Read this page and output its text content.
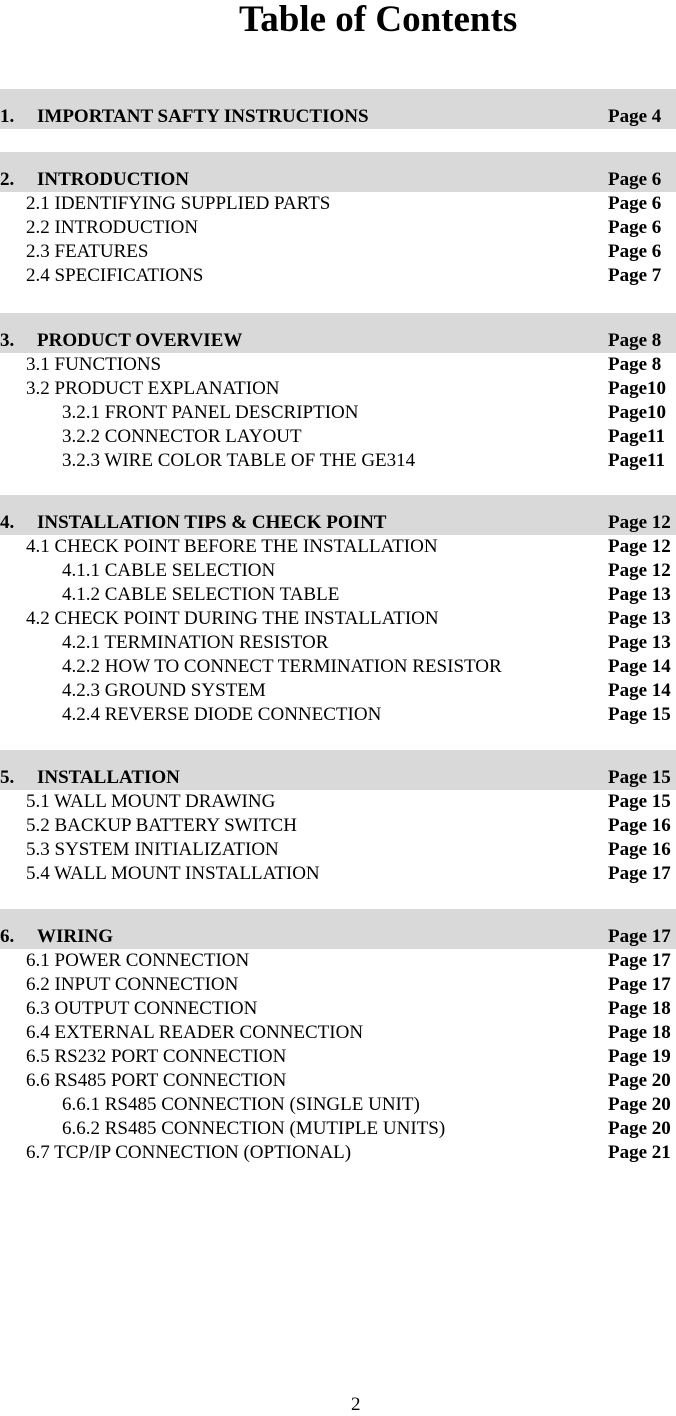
Table of Contents
1. IMPORTANT SAFTY INSTRUCTIONS	Page 4
2. INTRODUCTION	Page 6
2.1 IDENTIFYING SUPPLIED PARTS	Page 6
2.2 INTRODUCTION	Page 6
2.3 FEATURES	Page 6
2.4 SPECIFICATIONS	Page 7
3. PRODUCT OVERVIEW	Page 8
3.1 FUNCTIONS	Page 8
3.2 PRODUCT EXPLANATION	Page10
3.2.1 FRONT PANEL DESCRIPTION	Page10
3.2.2 CONNECTOR LAYOUT	Page11
3.2.3 WIRE COLOR TABLE OF THE GE314	Page11
4. INSTALLATION TIPS & CHECK POINT	Page 12
4.1 CHECK POINT BEFORE THE INSTALLATION	Page 12
4.1.1 CABLE SELECTION	Page 12
4.1.2 CABLE SELECTION TABLE	Page 13
4.2 CHECK POINT DURING THE INSTALLATION	Page 13
4.2.1 TERMINATION RESISTOR	Page 13
4.2.2 HOW TO CONNECT TERMINATION RESISTOR	Page 14
4.2.3 GROUND SYSTEM	Page 14
4.2.4 REVERSE DIODE CONNECTION	Page 15
5. INSTALLATION	Page 15
5.1 WALL MOUNT DRAWING	Page 15
5.2 BACKUP BATTERY SWITCH	Page 16
5.3 SYSTEM INITIALIZATION	Page 16
5.4 WALL MOUNT INSTALLATION	Page 17
6. WIRING	Page 17
6.1 POWER CONNECTION	Page 17
6.2 INPUT CONNECTION	Page 17
6.3 OUTPUT CONNECTION	Page 18
6.4 EXTERNAL READER CONNECTION	Page 18
6.5 RS232 PORT CONNECTION	Page 19
6.6 RS485 PORT CONNECTION	Page 20
6.6.1 RS485 CONNECTION (SINGLE UNIT)	Page 20
6.6.2 RS485 CONNECTION (MUTIPLE UNITS)	Page 20
6.7 TCP/IP CONNECTION (OPTIONAL)	Page 21
2
